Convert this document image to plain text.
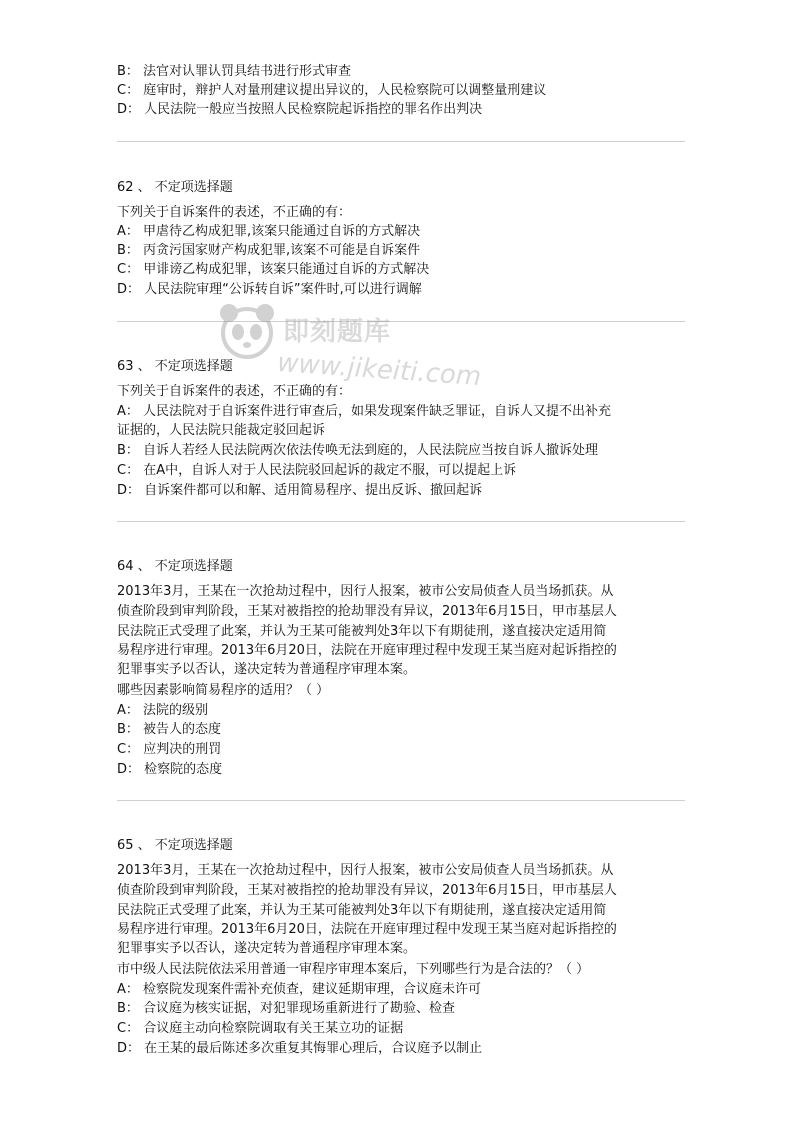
B： 法官对认罪认罚具结书进行形式审查
C： 庭审时，辩护人对量刑建议提出异议的，人民检察院可以调整量刑建议
D： 人民法院一般应当按照人民检察院起诉指控的罪名作出判决
62 、 不定项选择题
下列关于自诉案件的表述，不正确的有：
A： 甲虐待乙构成犯罪,该案只能通过自诉的方式解决
B： 丙贪污国家财产构成犯罪,该案不可能是自诉案件
C： 甲诽谤乙构成犯罪，该案只能通过自诉的方式解决
D： 人民法院审理“公诉转自诉”案件时,可以进行调解
63 、 不定项选择题
下列关于自诉案件的表述，不正确的有：
A： 人民法院对于自诉案件进行审查后，如果发现案件缺乏罪证，自诉人又提不出补充
证据的，人民法院只能裁定驳回起诉
B： 自诉人若经人民法院两次依法传唤无法到庭的，人民法院应当按自诉人撤诉处理
C： 在A中，自诉人对于人民法院驳回起诉的裁定不服，可以提起上诉
D： 自诉案件都可以和解、适用简易程序、提出反诉、撤回起诉
64 、 不定项选择题
2013年3月，王某在一次抢劫过程中，因行人报案，被市公安局侦查人员当场抓获。从
侦查阶段到审判阶段，王某对被指控的抢劫罪没有异议，2013年6月15日，甲市基层人
民法院正式受理了此案，并认为王某可能被判处3年以下有期徒刑，遂直接决定适用简
易程序进行审理。2013年6月20日，法院在开庭审理过程中发现王某当庭对起诉指控的
犯罪事实予以否认，遂决定转为普通程序审理本案。
哪些因素影响简易程序的适用？（ ）
A： 法院的级别
B： 被告人的态度
C： 应判决的刑罚
D： 检察院的态度
65 、 不定项选择题
2013年3月，王某在一次抢劫过程中，因行人报案，被市公安局侦查人员当场抓获。从
侦查阶段到审判阶段，王某对被指控的抢劫罪没有异议，2013年6月15日，甲市基层人
民法院正式受理了此案，并认为王某可能被判处3年以下有期徒刑，遂直接决定适用简
易程序进行审理。2013年6月20日，法院在开庭审理过程中发现王某当庭对起诉指控的
犯罪事实予以否认，遂决定转为普通程序审理本案。
市中级人民法院依法采用普通一审程序审理本案后，下列哪些行为是合法的？（ ）
A： 检察院发现案件需补充侦查，建议延期审理，合议庭未许可
B： 合议庭为核实证据，对犯罪现场重新进行了勘验、检查
C： 合议庭主动向检察院调取有关王某立功的证据
D： 在王某的最后陈述多次重复其悔罪心理后，合议庭予以制止
即刻题库
www.jikeiti.com
